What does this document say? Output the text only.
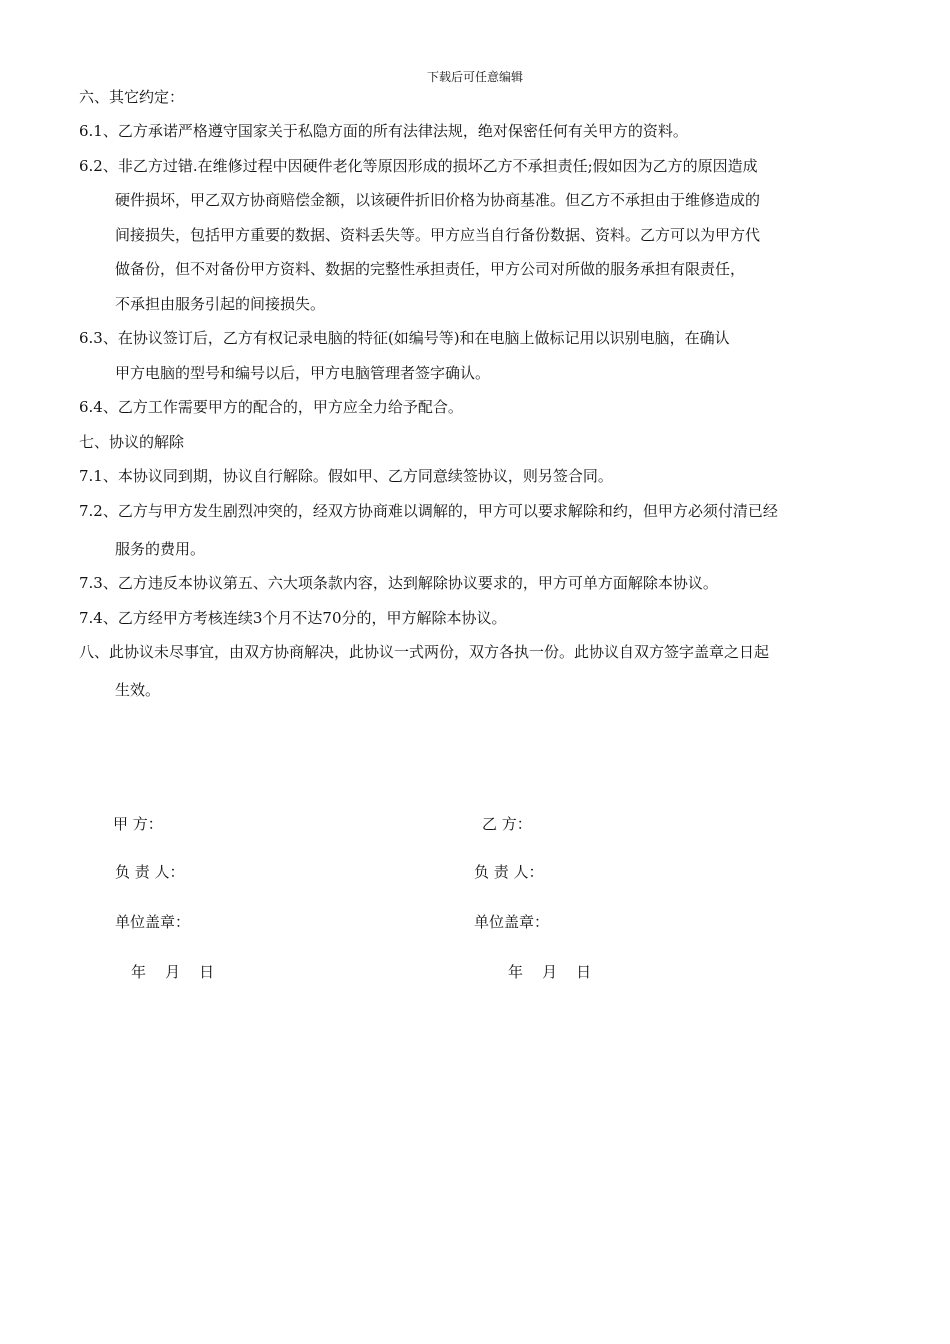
下载后可任意编辑
六、其它约定：
6.1、乙方承诺严格遵守国家关于私隐方面的所有法律法规，绝对保密任何有关甲方的资料。
6.2、非乙方过错.在维修过程中因硬件老化等原因形成的损坏乙方不承担责任;假如因为乙方的原因造成
硬件损坏，甲乙双方协商赔偿金额，以该硬件折旧价格为协商基准。但乙方不承担由于维修造成的
间接损失，包括甲方重要的数据、资料丢失等。甲方应当自行备份数据、资料。乙方可以为甲方代
做备份，但不对备份甲方资料、数据的完整性承担责任，甲方公司对所做的服务承担有限责任，
不承担由服务引起的间接损失。
6.3、在协议签订后，乙方有权记录电脑的特征(如编号等)和在电脑上做标记用以识别电脑，在确认
甲方电脑的型号和编号以后，甲方电脑管理者签字确认。
6.4、乙方工作需要甲方的配合的，甲方应全力给予配合。
七、协议的解除
7.1、本协议同到期，协议自行解除。假如甲、乙方同意续签协议，则另签合同。
7.2、乙方与甲方发生剧烈冲突的，经双方协商难以调解的，甲方可以要求解除和约，但甲方必须付清已经
服务的费用。
7.3、乙方违反本协议第五、六大项条款内容，达到解除协议要求的，甲方可单方面解除本协议。
7.4、乙方经甲方考核连续3个月不达70分的，甲方解除本协议。
八、此协议未尽事宜，由双方协商解决，此协议一式两份，双方各执一份。此协议自双方签字盖章之日起
生效。
甲 方：	乙 方：
负 责 人：	负 责 人：
单位盖章：	单位盖章：
年    月    日	年    月    日
